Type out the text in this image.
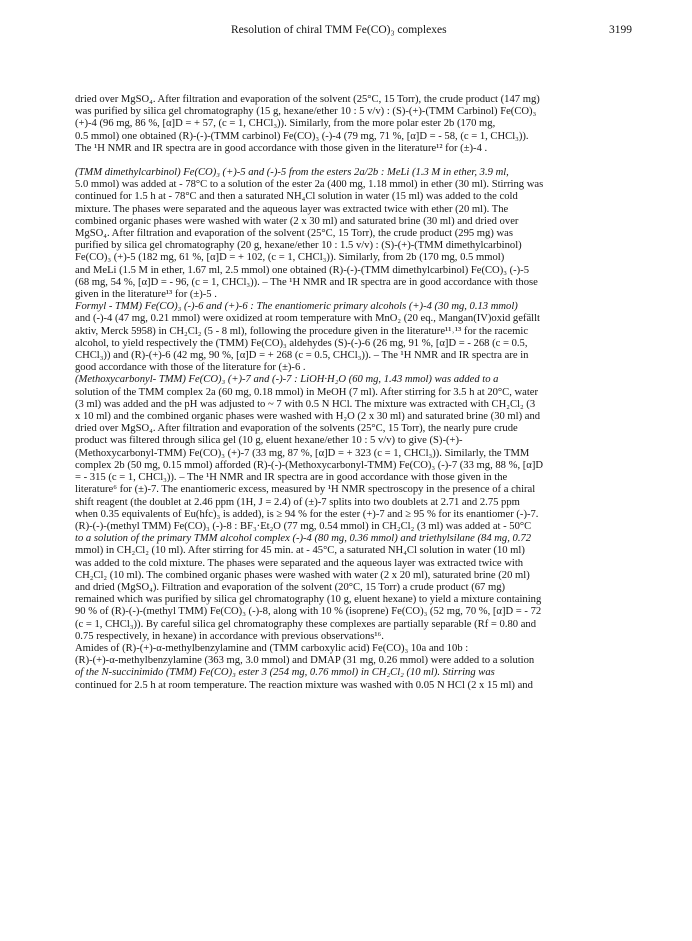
Resolution of chiral TMM Fe(CO)₃ complexes	3199
dried over MgSO₄. After filtration and evaporation of the solvent (25°C, 15 Torr), the crude product (147 mg)
was purified by silica gel chromatography (15 g, hexane/ether 10 : 5 v/v) : (S)-(+)-(TMM Carbinol) Fe(CO)₃
(+)-4 (96 mg, 86 %, [α]D = + 57, (c = 1, CHCl₃)). Similarly, from the more polar ester 2b (170 mg,
0.5 mmol) one obtained (R)-(-)-(TMM carbinol) Fe(CO)₃ (-)-4 (79 mg, 71 %, [α]D = - 58, (c = 1, CHCl₃)).
The ¹H NMR and IR spectra are in good accordance with those given in the literature¹² for (±)-4 .
(TMM dimethylcarbinol) Fe(CO)₃ (+)-5 and (-)-5 from the esters 2a/2b : MeLi (1.3 M in ether, 3.9 ml,
5.0 mmol) was added at - 78°C to a solution of the ester 2a (400 mg, 1.18 mmol) in ether (30 ml). Stirring was
continued for 1.5 h at - 78°C and then a saturated NH₄Cl solution in water (15 ml) was added to the cold
mixture. The phases were separated and the aqueous layer was extracted twice with ether (20 ml). The
combined organic phases were washed with water (2 x 30 ml) and saturated brine (30 ml) and dried over
MgSO₄. After filtration and evaporation of the solvent (25°C, 15 Torr), the crude product (295 mg) was
purified by silica gel chromatography (20 g, hexane/ether 10 : 1.5 v/v) : (S)-(+)-(TMM dimethylcarbinol)
Fe(CO)₃ (+)-5 (182 mg, 61 %, [α]D = + 102, (c = 1, CHCl₃)). Similarly, from 2b (170 mg, 0.5 mmol)
and MeLi (1.5 M in ether, 1.67 ml, 2.5 mmol) one obtained (R)-(-)-(TMM dimethylcarbinol) Fe(CO)₃ (-)-5
(68 mg, 54 %, [α]D = - 96, (c = 1, CHCl₃)). – The ¹H NMR and IR spectra are in good accordance with those
given in the literature¹³ for (±)-5 .
Formyl - TMM) Fe(CO)₃ (-)-6 and (+)-6 : The enantiomeric primary alcohols (+)-4 (30 mg, 0.13 mmol)
and (-)-4 (47 mg, 0.21 mmol) were oxidized at room temperature with MnO₂ (20 eq., Mangan(IV)oxid gefällt
aktiv, Merck 5958) in CH₂Cl₂ (5 - 8 ml), following the procedure given in the literature¹¹˒¹³ for the racemic
alcohol, to yield respectively the (TMM) Fe(CO)₃ aldehydes (S)-(-)-6 (26 mg, 91 %, [α]D = - 268 (c = 0.5,
CHCl₃)) and (R)-(+)-6 (42 mg, 90 %, [α]D = + 268 (c = 0.5, CHCl₃)). – The ¹H NMR and IR spectra are in
good accordance with those of the literature for (±)-6 .
(Methoxycarbonyl- TMM) Fe(CO)₃ (+)-7 and (-)-7 : LiOH·H₂O (60 mg, 1.43 mmol) was added to a
solution of the TMM complex 2a (60 mg, 0.18 mmol) in MeOH (7 ml). After stirring for 3.5 h at 20°C, water
(3 ml) was added and the pH was adjusted to ~ 7 with 0.5 N HCl. The mixture was extracted with CH₂Cl₂ (3
x 10 ml) and the combined organic phases were washed with H₂O (2 x 30 ml) and saturated brine (30 ml) and
dried over MgSO₄. After filtration and evaporation of the solvents (25°C, 15 Torr), the nearly pure crude
product was filtered through silica gel (10 g, eluent hexane/ether 10 : 5 v/v) to give (S)-(+)-
(Methoxycarbonyl-TMM) Fe(CO)₃ (+)-7 (33 mg, 87 %, [α]D = + 323 (c = 1, CHCl₃)). Similarly, the TMM
complex 2b (50 mg, 0.15 mmol) afforded (R)-(-)-(Methoxycarbonyl-TMM) Fe(CO)₃ (-)-7 (33 mg, 88 %, [α]D
= - 315 (c = 1, CHCl₃)). – The ¹H NMR and IR spectra are in good accordance with those given in the
literature⁶ for (±)-7. The enantiomeric excess, measured by ¹H NMR spectroscopy in the presence of a chiral
shift reagent (the doublet at 2.46 ppm (1H, J = 2.4) of (±)-7 splits into two doublets at 2.71 and 2.75 ppm
when 0.35 equivalents of Eu(hfc)₃ is added), is ≥ 94 % for the ester (+)-7 and ≥ 95 % for its enantiomer (-)-7.
(R)-(-)-(methyl TMM) Fe(CO)₃ (-)-8 : BF₃·Et₂O (77 mg, 0.54 mmol) in CH₂Cl₂ (3 ml) was added at - 50°C
to a solution of the primary TMM alcohol complex (-)-4 (80 mg, 0.36 mmol) and triethylsilane (84 mg, 0.72
mmol) in CH₂Cl₂ (10 ml). After stirring for 45 min. at - 45°C, a saturated NH₄Cl solution in water (10 ml)
was added to the cold mixture. The phases were separated and the aqueous layer was extracted twice with
CH₂Cl₂ (10 ml). The combined organic phases were washed with water (2 x 20 ml), saturated brine (20 ml)
and dried (MgSO₄). Filtration and evaporation of the solvent (20°C, 15 Torr) a crude product (67 mg)
remained which was purified by silica gel chromatography (10 g, eluent hexane) to yield a mixture containing
90 % of (R)-(-)-(methyl TMM) Fe(CO)₃ (-)-8, along with 10 % (isoprene) Fe(CO)₃ (52 mg, 70 %, [α]D = - 72
(c = 1, CHCl₃)). By careful silica gel chromatography these complexes are partially separable (Rf = 0.80 and
0.75 respectively, in hexane) in accordance with previous observations¹⁶.
Amides of (R)-(+)-α-methylbenzylamine and (TMM carboxylic acid) Fe(CO)₃ 10a and 10b :
(R)-(+)-α-methylbenzylamine (363 mg, 3.0 mmol) and DMAP (31 mg, 0.26 mmol) were added to a solution
of the N-succinimido (TMM) Fe(CO)₃ ester 3 (254 mg, 0.76 mmol) in CH₂Cl₂ (10 ml). Stirring was
continued for 2.5 h at room temperature. The reaction mixture was washed with 0.05 N HCl (2 x 15 ml) and
